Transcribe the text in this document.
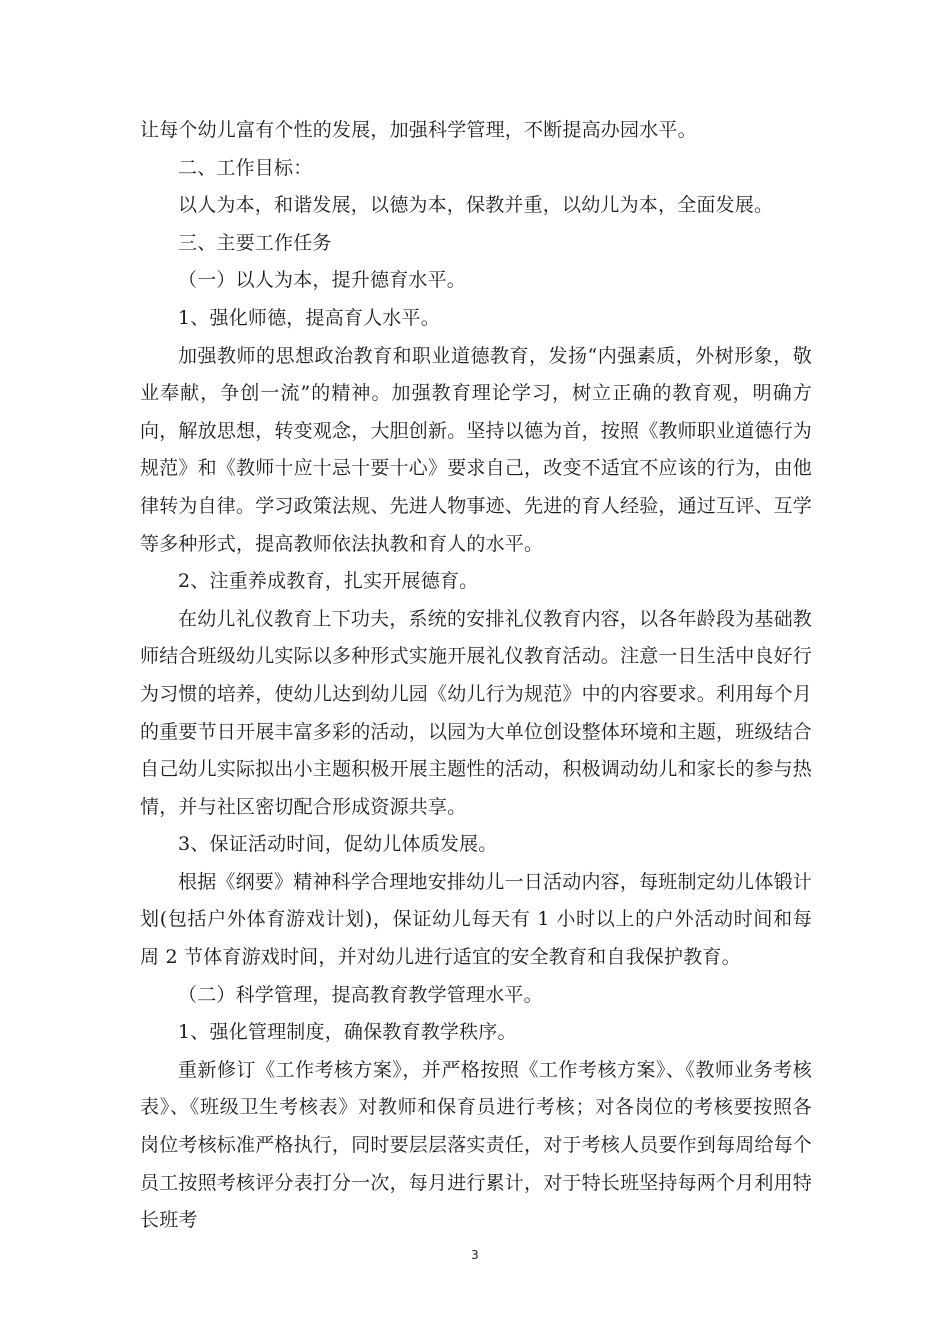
让每个幼儿富有个性的发展，加强科学管理，不断提高办园水平。

二、工作目标：

以人为本，和谐发展，以德为本，保教并重，以幼儿为本，全面发展。

三、主要工作任务

（一）以人为本，提升德育水平。

1、强化师德，提高育人水平。

加强教师的思想政治教育和职业道德教育，发扬“内强素质，外树形象，敬业奉献，争创一流”的精神。加强教育理论学习，树立正确的教育观，明确方向，解放思想，转变观念，大胆创新。坚持以德为首，按照《教师职业道德行为规范》和《教师十应十忌十要十心》要求自己，改变不适宜不应该的行为，由他律转为自律。学习政策法规、先进人物事迹、先进的育人经验，通过互评、互学等多种形式，提高教师依法执教和育人的水平。

2、注重养成教育，扎实开展德育。

在幼儿礼仪教育上下功夫，系统的安排礼仪教育内容，以各年龄段为基础教师结合班级幼儿实际以多种形式实施开展礼仪教育活动。注意一日生活中良好行为习惯的培养，使幼儿达到幼儿园《幼儿行为规范》中的内容要求。利用每个月的重要节日开展丰富多彩的活动，以园为大单位创设整体环境和主题，班级结合自己幼儿实际拟出小主题积极开展主题性的活动，积极调动幼儿和家长的参与热情，并与社区密切配合形成资源共享。

3、保证活动时间，促幼儿体质发展。

根据《纲要》精神科学合理地安排幼儿一日活动内容，每班制定幼儿体锻计划(包括户外体育游戏计划)，保证幼儿每天有 1 小时以上的户外活动时间和每周 2 节体育游戏时间，并对幼儿进行适宜的安全教育和自我保护教育。

（二）科学管理，提高教育教学管理水平。

1、强化管理制度，确保教育教学秩序。

重新修订《工作考核方案》，并严格按照《工作考核方案》、《教师业务考核表》、《班级卫生考核表》对教师和保育员进行考核；对各岗位的考核要按照各岗位考核标准严格执行，同时要层层落实责任，对于考核人员要作到每周给每个员工按照考核评分表打分一次，每月进行累计，对于特长班坚持每两个月利用特长班考

3
